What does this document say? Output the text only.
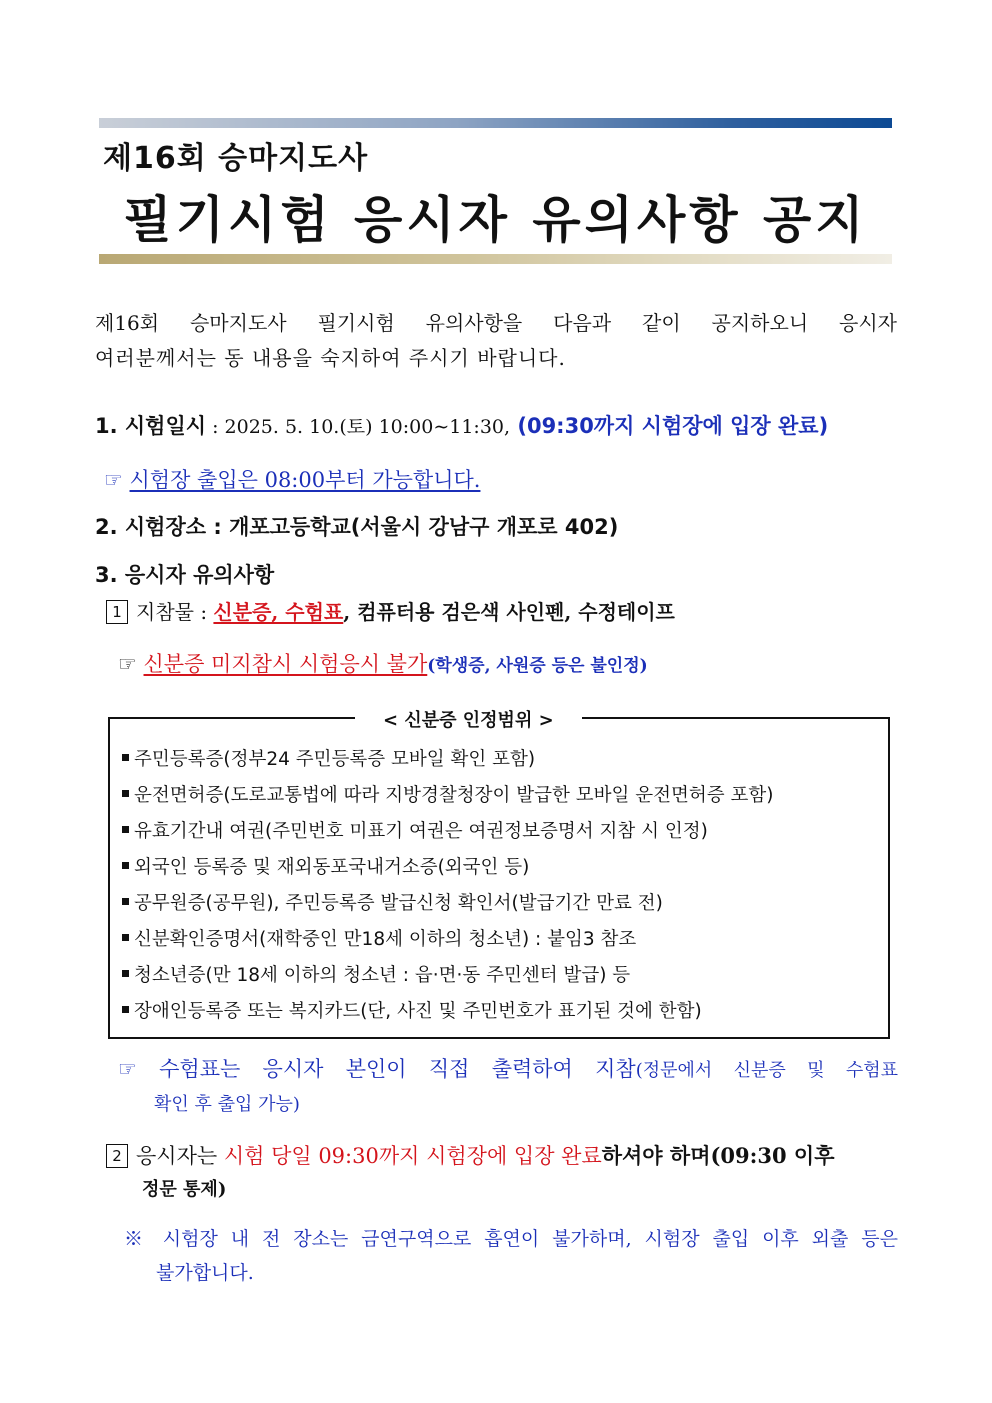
제16회 승마지도사
필기시험 응시자 유의사항 공지
제16회 승마지도사 필기시험 유의사항을 다음과 같이 공지하오니 응시자
여러분께서는 동 내용을 숙지하여 주시기 바랍니다.
1. 시험일시 : 2025. 5. 10.(토) 10:00∼11:30, (09:30까지 시험장에 입장 완료)
☞ 시험장 출입은 08:00부터 가능합니다.
2. 시험장소 : 개포고등학교(서울시 강남구 개포로 402)
3. 응시자 유의사항
1 지참물 : 신분증, 수험표, 컴퓨터용 검은색 사인펜, 수정테이프
☞ 신분증 미지참시 시험응시 불가(학생증, 사원증 등은 불인정)
< 신분증 인정범위 >
주민등록증(정부24 주민등록증 모바일 확인 포함)
운전면허증(도로교통법에 따라 지방경찰청장이 발급한 모바일 운전면허증 포함)
유효기간내 여권(주민번호 미표기 여권은 여권정보증명서 지참 시 인정)
외국인 등록증 및 재외동포국내거소증(외국인 등)
공무원증(공무원), 주민등록증 발급신청 확인서(발급기간 만료 전)
신분확인증명서(재학중인 만18세 이하의 청소년) : 붙임3 참조
청소년증(만 18세 이하의 청소년 : 읍·면·동 주민센터 발급) 등
장애인등록증 또는 복지카드(단, 사진 및 주민번호가 표기된 것에 한함)
☞ 수험표는 응시자 본인이 직접 출력하여 지참(정문에서 신분증 및 수험표
확인 후 출입 가능)
2 응시자는 시험 당일 09:30까지 시험장에 입장 완료하셔야 하며(09:30 이후
정문 통제)
※ 시험장 내 전 장소는 금연구역으로 흡연이 불가하며, 시험장 출입 이후 외출 등은
불가합니다.
